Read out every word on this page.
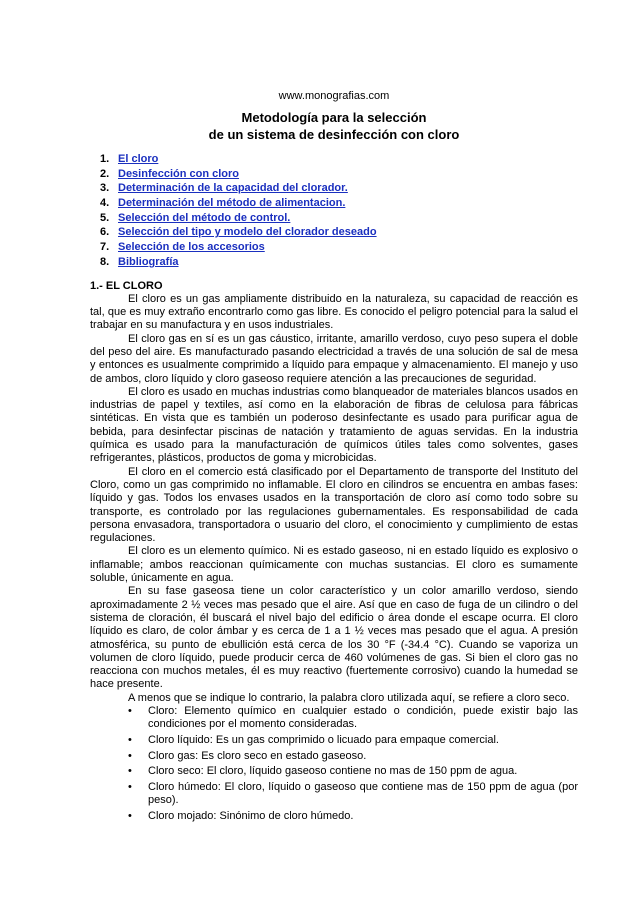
www.monografias.com
Metodología para la selección
de un sistema de desinfección con cloro
1. El cloro
2. Desinfección con cloro
3. Determinación de la capacidad del clorador.
4. Determinación del método de alimentacion.
5. Selección del método de control.
6. Selección del tipo y modelo del clorador deseado
7. Selección de los accesorios
8. Bibliografía
1.- EL CLORO

El cloro es un gas ampliamente distribuido en la naturaleza, su capacidad de reacción es tal, que es muy extraño encontrarlo como gas libre. Es conocido el peligro potencial para la salud el trabajar en su manufactura y en usos industriales.

El cloro gas en sí es un gas cáustico, irritante, amarillo verdoso, cuyo peso supera el doble del peso del aire. Es manufacturado pasando electricidad a través de una solución de sal de mesa y entonces es usualmente comprimido a líquido para empaque y almacenamiento. El manejo y uso de ambos, cloro líquido y cloro gaseoso requiere atención a las precauciones de seguridad.

El cloro es usado en muchas industrias como blanqueador de materiales blancos usados en industrias de papel y textiles, así como en la elaboración de fibras de celulosa para fábricas sintéticas. En vista que es también un poderoso desinfectante es usado para purificar agua de bebida, para desinfectar piscinas de natación y tratamiento de aguas servidas. En la industria química es usado para la manufacturación de químicos útiles tales como solventes, gases refrigerantes, plásticos, productos de goma y microbicidas.

El cloro en el comercio está clasificado por el Departamento de transporte del Instituto del Cloro, como un gas comprimido no inflamable. El cloro en cilindros se encuentra en ambas fases: líquido y gas. Todos los envases usados en la transportación de cloro así como todo sobre su transporte, es controlado por las regulaciones gubernamentales. Es responsabilidad de cada persona envasadora, transportadora o usuario del cloro, el conocimiento y cumplimiento de estas regulaciones.

El cloro es un elemento químico. Ni es estado gaseoso, ni en estado líquido es explosivo o inflamable; ambos reaccionan químicamente con muchas sustancias. El cloro es sumamente soluble, únicamente en agua.

En su fase gaseosa tiene un color característico y un color amarillo verdoso, siendo aproximadamente 2 ½ veces mas pesado que el aire. Así que en caso de fuga de un cilindro o del sistema de cloración, él buscará el nivel bajo del edificio o área donde el escape ocurra. El cloro líquido es claro, de color ámbar y es cerca de 1 a 1 ½ veces mas pesado que el agua. A presión atmosférica, su punto de ebullición está cerca de los 30 °F (-34.4 °C). Cuando se vaporiza un volumen de cloro líquido, puede producir cerca de 460 volúmenes de gas. Si bien el cloro gas no reacciona con muchos metales, él es muy reactivo (fuertemente corrosivo) cuando la humedad se hace presente.

A menos que se indique lo contrario, la palabra cloro utilizada aquí, se refiere a cloro seco.

• Cloro: Elemento químico en cualquier estado o condición, puede existir bajo las condiciones por el momento consideradas.
• Cloro líquido: Es un gas comprimido o licuado para empaque comercial.
• Cloro gas: Es cloro seco en estado gaseoso.
• Cloro seco: El cloro, líquido gaseoso contiene no mas de 150 ppm de agua.
• Cloro húmedo: El cloro, líquido o gaseoso que contiene mas de 150 ppm de agua (por peso).
• Cloro mojado: Sinónimo de cloro húmedo.
